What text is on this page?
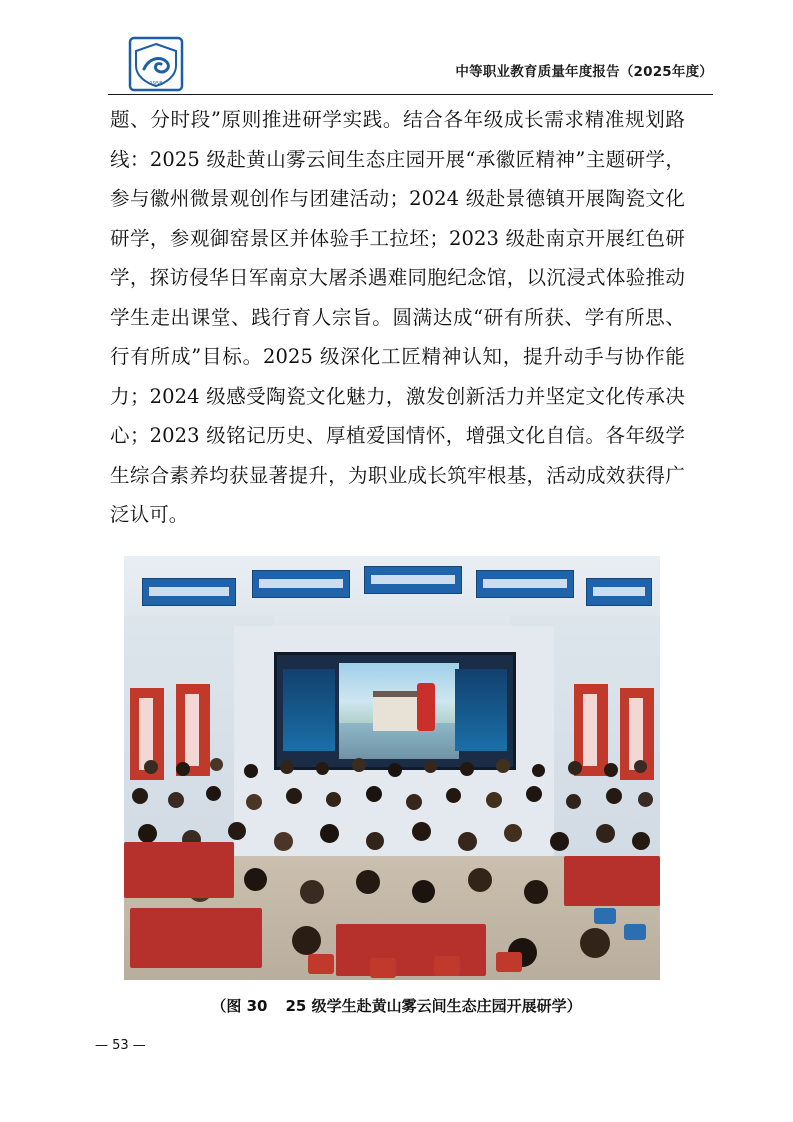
1958
中等职业教育质量年度报告（2025年度）
题、分时段”原则推进研学实践。结合各年级成长需求精准规划路线：2025 级赴黄山雾云间生态庄园开展“承徽匠精神”主题研学，参与徽州微景观创作与团建活动；2024 级赴景德镇开展陶瓷文化研学，参观御窑景区并体验手工拉坯；2023 级赴南京开展红色研学，探访侵华日军南京大屠杀遇难同胞纪念馆，以沉浸式体验推动学生走出课堂、践行育人宗旨。圆满达成“研有所获、学有所思、行有所成”目标。2025 级深化工匠精神认知，提升动手与协作能力；2024 级感受陶瓷文化魅力，激发创新活力并坚定文化传承决心；2023 级铭记历史、厚植爱国情怀，增强文化自信。各年级学生综合素养均获显著提升，为职业成长筑牢根基，活动成效获得广泛认可。
（图 30 25 级学生赴黄山雾云间生态庄园开展研学）
— 53 —
